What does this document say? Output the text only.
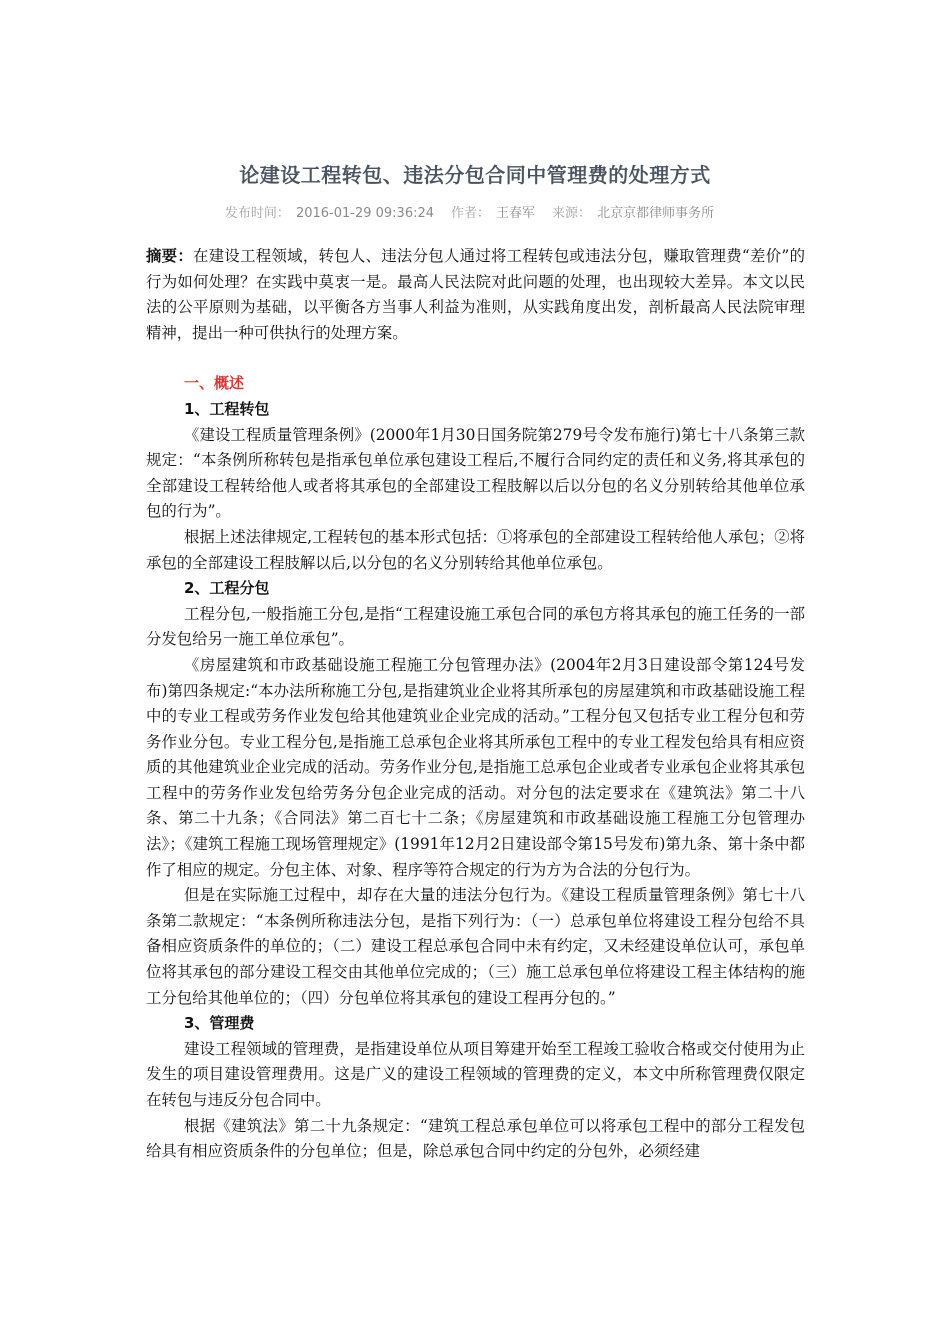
论建设工程转包、违法分包合同中管理费的处理方式
发布时间： 2016-01-29 09:36:24 作者： 王春军 来源： 北京京都律师事务所

摘要：在建设工程领域，转包人、违法分包人通过将工程转包或违法分包，赚取管理费“差价”的行为如何处理？在实践中莫衷一是。最高人民法院对此问题的处理，也出现较大差异。本文以民法的公平原则为基础，以平衡各方当事人利益为准则，从实践角度出发，剖析最高人民法院审理精神，提出一种可供执行的处理方案。

一、概述

1、工程转包

《建设工程质量管理条例》(2000年1月30日国务院第279号令发布施行)第七十八条第三款规定：“本条例所称转包是指承包单位承包建设工程后,不履行合同约定的责任和义务,将其承包的全部建设工程转给他人或者将其承包的全部建设工程肢解以后以分包的名义分别转给其他单位承包的行为”。

根据上述法律规定,工程转包的基本形式包括：①将承包的全部建设工程转给他人承包；②将承包的全部建设工程肢解以后,以分包的名义分别转给其他单位承包。

2、工程分包

工程分包,一般指施工分包,是指“工程建设施工承包合同的承包方将其承包的施工任务的一部分发包给另一施工单位承包”。

《房屋建筑和市政基础设施工程施工分包管理办法》(2004年2月3日建设部令第124号发布)第四条规定:“本办法所称施工分包,是指建筑业企业将其所承包的房屋建筑和市政基础设施工程中的专业工程或劳务作业发包给其他建筑业企业完成的活动。”工程分包又包括专业工程分包和劳务作业分包。专业工程分包,是指施工总承包企业将其所承包工程中的专业工程发包给具有相应资质的其他建筑业企业完成的活动。劳务作业分包,是指施工总承包企业或者专业承包企业将其承包工程中的劳务作业发包给劳务分包企业完成的活动。对分包的法定要求在《建筑法》第二十八条、第二十九条；《合同法》第二百七十二条；《房屋建筑和市政基础设施工程施工分包管理办法》；《建筑工程施工现场管理规定》(1991年12月2日建设部令第15号发布)第九条、第十条中都作了相应的规定。分包主体、对象、程序等符合规定的行为方为合法的分包行为。

但是在实际施工过程中，却存在大量的违法分包行为。《建设工程质量管理条例》第七十八条第二款规定：“本条例所称违法分包，是指下列行为：（一）总承包单位将建设工程分包给不具备相应资质条件的单位的；（二）建设工程总承包合同中未有约定，又未经建设单位认可，承包单位将其承包的部分建设工程交由其他单位完成的；（三）施工总承包单位将建设工程主体结构的施工分包给其他单位的；（四）分包单位将其承包的建设工程再分包的。”

3、管理费

建设工程领域的管理费，是指建设单位从项目筹建开始至工程竣工验收合格或交付使用为止发生的项目建设管理费用。这是广义的建设工程领域的管理费的定义，本文中所称管理费仅限定在转包与违反分包合同中。

根据《建筑法》第二十九条规定：“建筑工程总承包单位可以将承包工程中的部分工程发包给具有相应资质条件的分包单位；但是，除总承包合同中约定的分包外，必须经建
